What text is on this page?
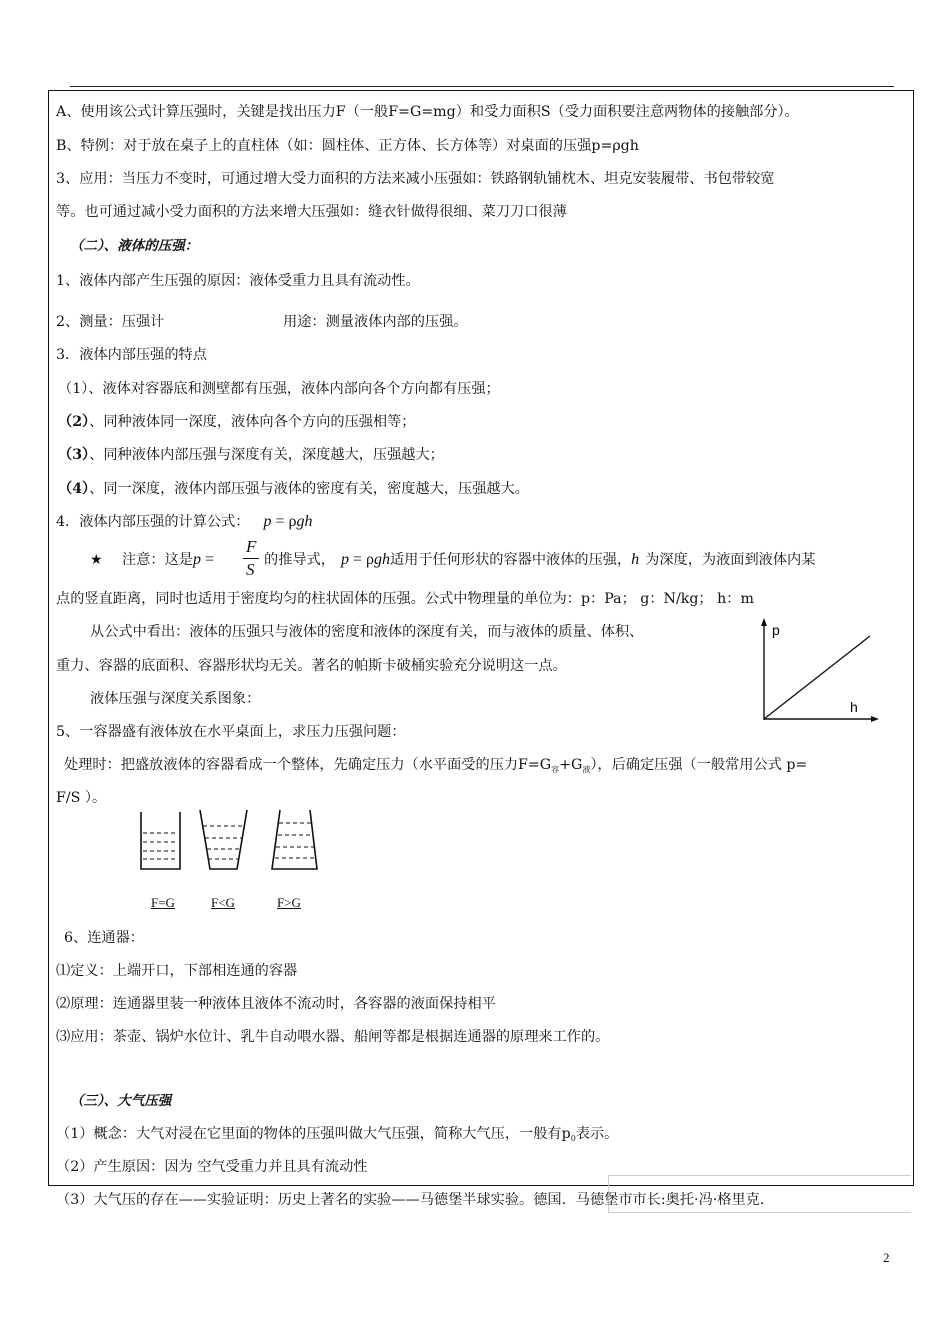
A、使用该公式计算压强时，关键是找出压力F（一般F=G=mg）和受力面积S（受力面积要注意两物体的接触部分）。
B、特例：对于放在桌子上的直柱体（如：圆柱体、正方体、长方体等）对桌面的压强p=ρgh
3、应用：当压力不变时，可通过增大受力面积的方法来减小压强如：铁路钢轨铺枕木、坦克安装履带、书包带较宽
等。也可通过减小受力面积的方法来增大压强如：缝衣针做得很细、菜刀刀口很薄
（二）、液体的压强：
1、液体内部产生压强的原因：液体受重力且具有流动性。
2、测量：压强计	用途：测量液体内部的压强。
3．液体内部压强的特点
（1）、液体对容器底和测壁都有压强，液体内部向各个方向都有压强；
（2）、同种液体同一深度，液体向各个方向的压强相等；
（3）、同种液体内部压强与深度有关，深度越大，压强越大；
（4）、同一深度，液体内部压强与液体的密度有关，密度越大，压强越大。
4．液体内部压强的计算公式： p = ρgh
★ 注意：这是p =
F
S 的推导式， p = ρgh适用于任何形状的容器中液体的压强，h 为深度，为液面到液体内某
点的竖直距离，同时也适用于密度均匀的柱状固体的压强。公式中物理量的单位为：p：Pa； g：N/kg； h：m
从公式中看出：液体的压强只与液体的密度和液体的深度有关，而与液体的质量、体积、
重力、容器的底面积、容器形状均无关。著名的帕斯卡破桶实验充分说明这一点。
液体压强与深度关系图象：
p
h
5、一容器盛有液体放在水平桌面上，求压力压强问题：
处理时：把盛放液体的容器看成一个整体，先确定压力（水平面受的压力$F=G_容+G_液$），后确定压强（一般常用公式 p=
F/S ）。
F=G	F<G	F>G
6、连通器：
⑴定义：上端开口，下部相连通的容器
⑵原理：连通器里装一种液体且液体不流动时，各容器的液面保持相平
⑶应用：茶壶、锅炉水位计、乳牛自动喂水器、船闸等都是根据连通器的原理来工作的。
（三）、大气压强
（1）概念：大气对浸在它里面的物体的压强叫做大气压强，简称大气压，一般有$p_0$表示。
（2）产生原因：因为 空气受重力并且具有流动性
（3）大气压的存在——实验证明：历史上著名的实验——马德堡半球实验。德国．马德堡市市长:奥托·冯·格里克．
2
